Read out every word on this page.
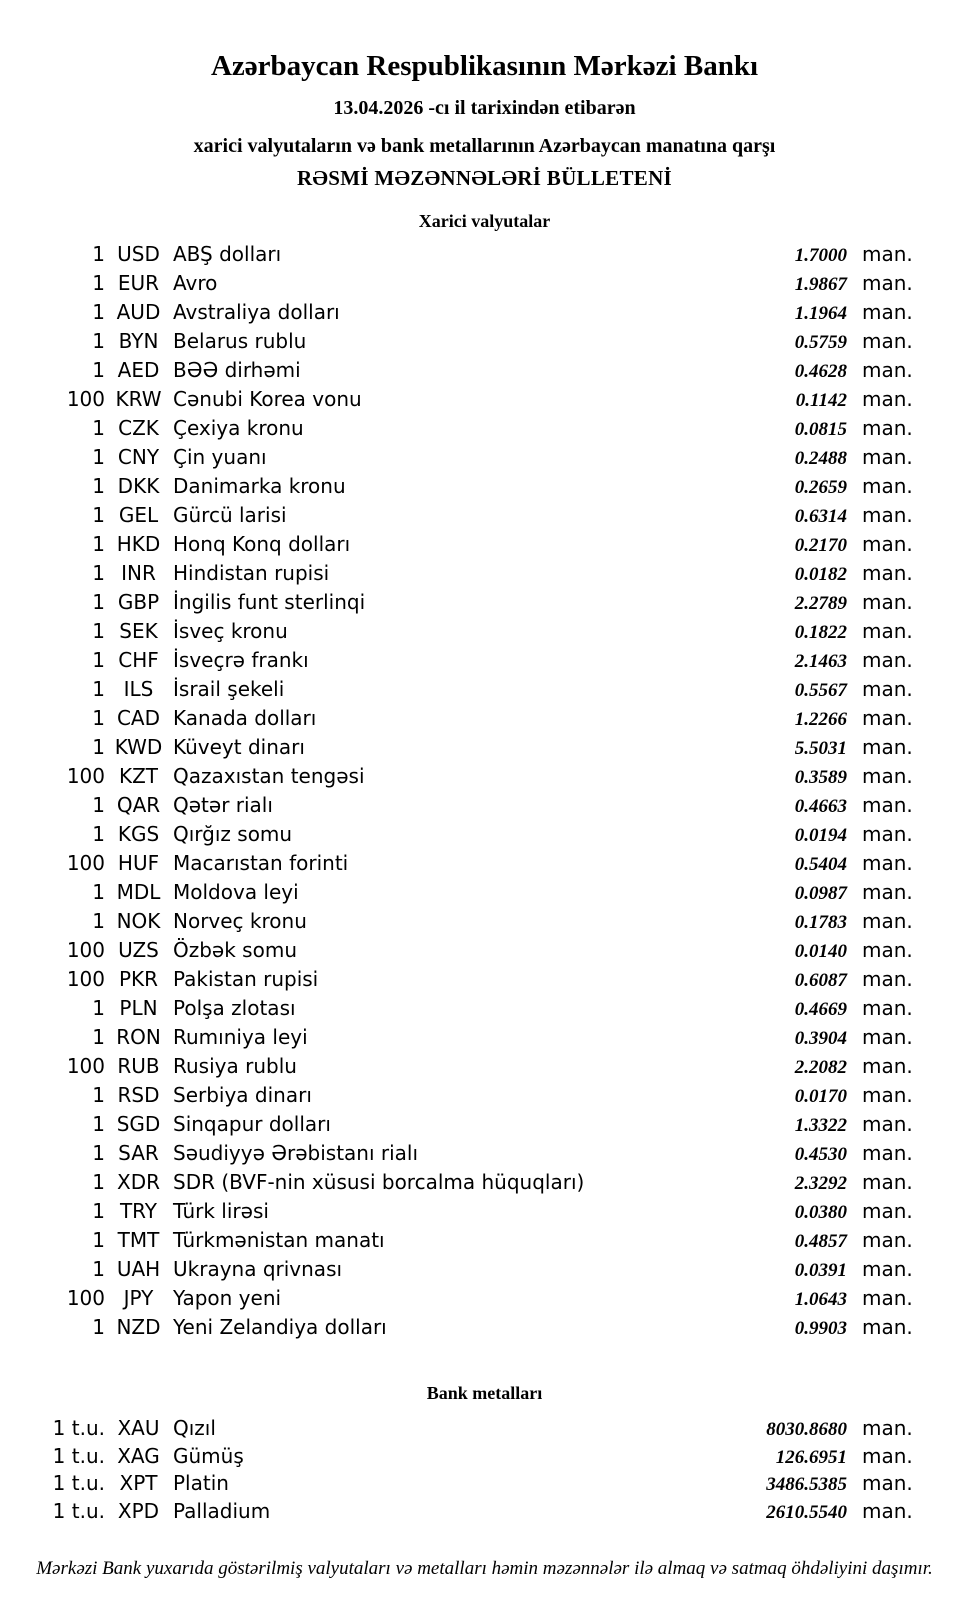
Azərbaycan Respublikasının Mərkəzi Bankı
13.04.2026 -cı il tarixindən etibarən
xarici valyutaların və bank metallarının Azərbaycan manatına qarşı
RƏSMİ MƏZƏNNƏLƏRİ BÜLLETENİ
Xarici valyutalar
1 USD ABŞ dolları	1.7000 man.
1 EUR Avro	1.9867 man.
1 AUD Avstraliya dolları	1.1964 man.
1 BYN Belarus rublu	0.5759 man.
1 AED BƏƏ dirhəmi	0.4628 man.
100 KRW Cənubi Korea vonu	0.1142 man.
1 CZK Çexiya kronu	0.0815 man.
1 CNY Çin yuanı	0.2488 man.
1 DKK Danimarka kronu	0.2659 man.
1 GEL Gürcü larisi	0.6314 man.
1 HKD Honq Konq dolları	0.2170 man.
1 INR Hindistan rupisi	0.0182 man.
1 GBP İngilis funt sterlinqi	2.2789 man.
1 SEK İsveç kronu	0.1822 man.
1 CHF İsveçrə frankı	2.1463 man.
1 ILS İsrail şekeli	0.5567 man.
1 CAD Kanada dolları	1.2266 man.
1 KWD Küveyt dinarı	5.5031 man.
100 KZT Qazaxıstan tengəsi	0.3589 man.
1 QAR Qətər rialı	0.4663 man.
1 KGS Qırğız somu	0.0194 man.
100 HUF Macarıstan forinti	0.5404 man.
1 MDL Moldova leyi	0.0987 man.
1 NOK Norveç kronu	0.1783 man.
100 UZS Özbək somu	0.0140 man.
100 PKR Pakistan rupisi	0.6087 man.
1 PLN Polşa zlotası	0.4669 man.
1 RON Rumıniya leyi	0.3904 man.
100 RUB Rusiya rublu	2.2082 man.
1 RSD Serbiya dinarı	0.0170 man.
1 SGD Sinqapur dolları	1.3322 man.
1 SAR Səudiyyə Ərəbistanı rialı	0.4530 man.
1 XDR SDR (BVF-nin xüsusi borcalma hüquqları)	2.3292 man.
1 TRY Türk lirəsi	0.0380 man.
1 TMT Türkmənistan manatı	0.4857 man.
1 UAH Ukrayna qrivnası	0.0391 man.
100 JPY Yapon yeni	1.0643 man.
1 NZD Yeni Zelandiya dolları	0.9903 man.
Bank metalları
1 t.u. XAU Qızıl	8030.8680 man.
1 t.u. XAG Gümüş	126.6951 man.
1 t.u. XPT Platin	3486.5385 man.
1 t.u. XPD Palladium	2610.5540 man.
Mərkəzi Bank yuxarıda göstərilmiş valyutaları və metalları həmin məzənnələr ilə almaq və satmaq öhdəliyini daşımır.
